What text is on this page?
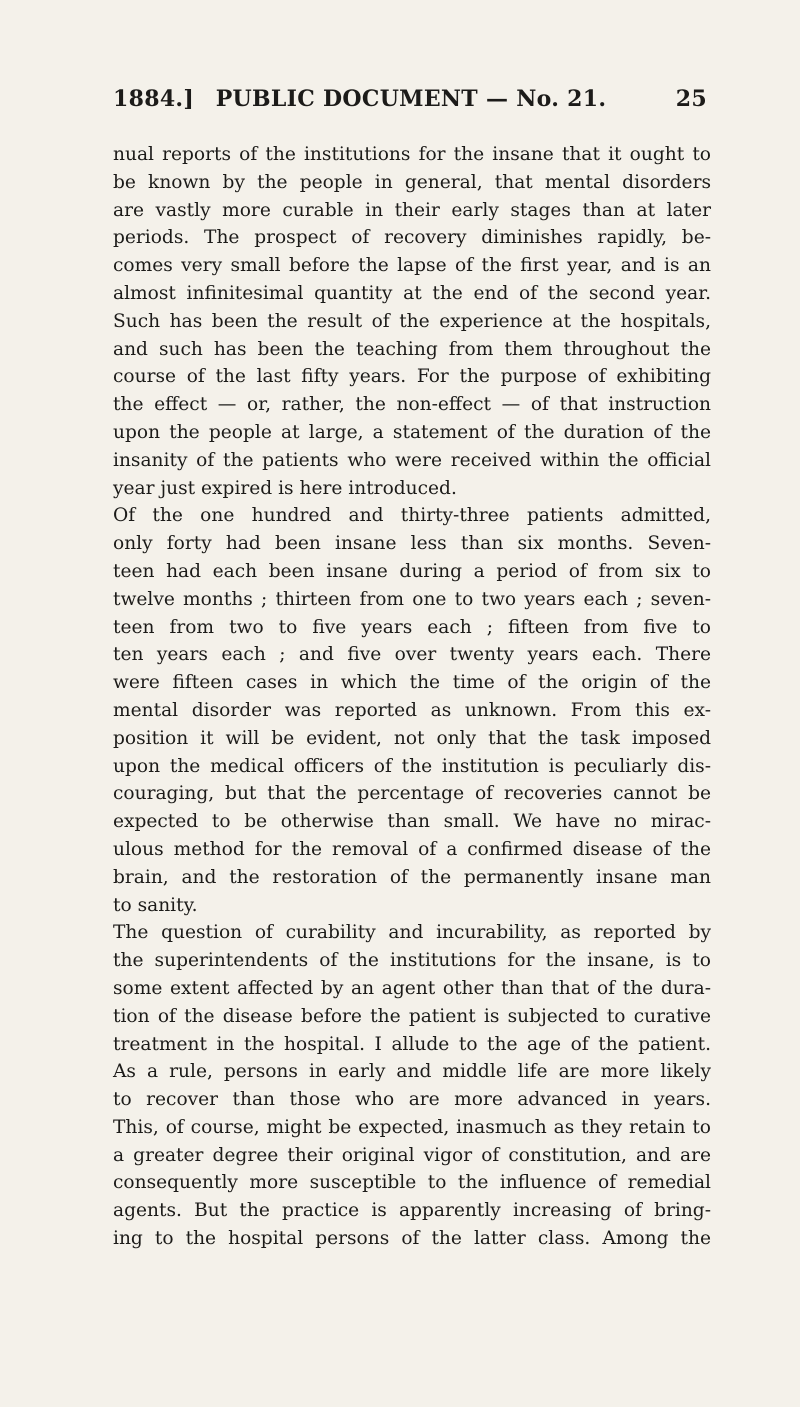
1884.] PUBLIC DOCUMENT — No. 21.	25
nual reports of the institutions for the insane that it ought to
be known by the people in general, that mental disorders
are vastly more curable in their early stages than at later
periods. The prospect of recovery diminishes rapidly, be-
comes very small before the lapse of the first year, and is an
almost infinitesimal quantity at the end of the second year.
Such has been the result of the experience at the hospitals,
and such has been the teaching from them throughout the
course of the last fifty years. For the purpose of exhibiting
the effect — or, rather, the non-effect — of that instruction
upon the people at large, a statement of the duration of the
insanity of the patients who were received within the official
year just expired is here introduced.
Of the one hundred and thirty-three patients admitted,
only forty had been insane less than six months. Seven-
teen had each been insane during a period of from six to
twelve months ; thirteen from one to two years each ; seven-
teen from two to five years each ; fifteen from five to
ten years each ; and five over twenty years each. There
were fifteen cases in which the time of the origin of the
mental disorder was reported as unknown. From this ex-
position it will be evident, not only that the task imposed
upon the medical officers of the institution is peculiarly dis-
couraging, but that the percentage of recoveries cannot be
expected to be otherwise than small. We have no mirac-
ulous method for the removal of a confirmed disease of the
brain, and the restoration of the permanently insane man
to sanity.
The question of curability and incurability, as reported by
the superintendents of the institutions for the insane, is to
some extent affected by an agent other than that of the dura-
tion of the disease before the patient is subjected to curative
treatment in the hospital. I allude to the age of the patient.
As a rule, persons in early and middle life are more likely
to recover than those who are more advanced in years.
This, of course, might be expected, inasmuch as they retain to
a greater degree their original vigor of constitution, and are
consequently more susceptible to the influence of remedial
agents. But the practice is apparently increasing of bring-
ing to the hospital persons of the latter class. Among the
